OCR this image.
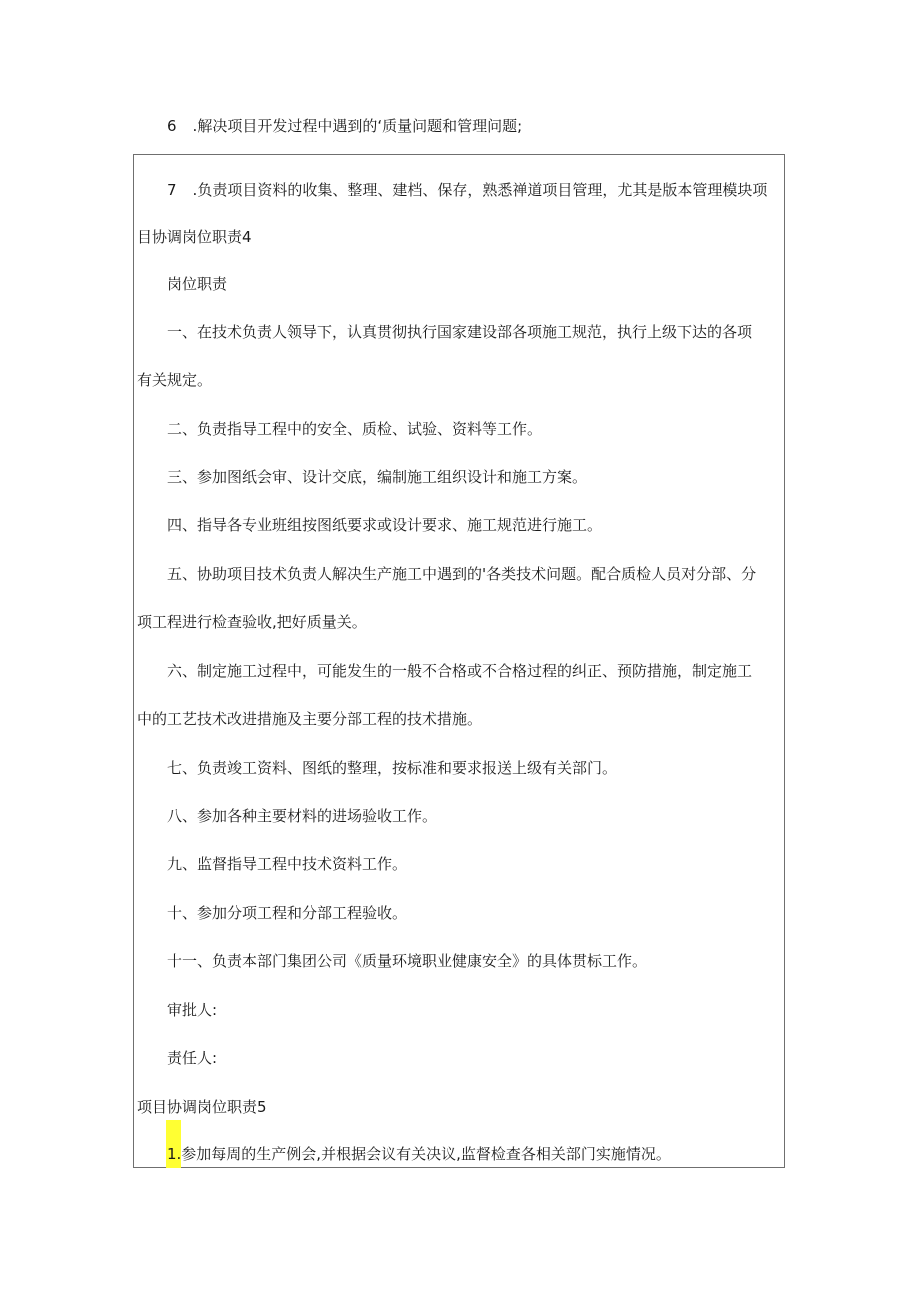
6 .解决项目开发过程中遇到的‘质量问题和管理问题;
7 .负责项目资料的收集、整理、建档、保存，熟悉禅道项目管理，尤其是版本管理模块项
目协调岗位职责4
岗位职责
一、在技术负责人领导下，认真贯彻执行国家建设部各项施工规范，执行上级下达的各项
有关规定。
二、负责指导工程中的安全、质检、试验、资料等工作。
三、参加图纸会审、设计交底，编制施工组织设计和施工方案。
四、指导各专业班组按图纸要求或设计要求、施工规范进行施工。
五、协助项目技术负责人解决生产施工中遇到的'各类技术问题。配合质检人员对分部、分
项工程进行检查验收,把好质量关。
六、制定施工过程中，可能发生的一般不合格或不合格过程的纠正、预防措施，制定施工
中的工艺技术改进措施及主要分部工程的技术措施。
七、负责竣工资料、图纸的整理，按标准和要求报送上级有关部门。
八、参加各种主要材料的进场验收工作。
九、监督指导工程中技术资料工作。
十、参加分项工程和分部工程验收。
十一、负责本部门集团公司《质量环境职业健康安全》的具体贯标工作。
审批人:
责任人:
项目协调岗位职责5
1.参加每周的生产例会,并根据会议有关决议,监督检查各相关部门实施情况。
